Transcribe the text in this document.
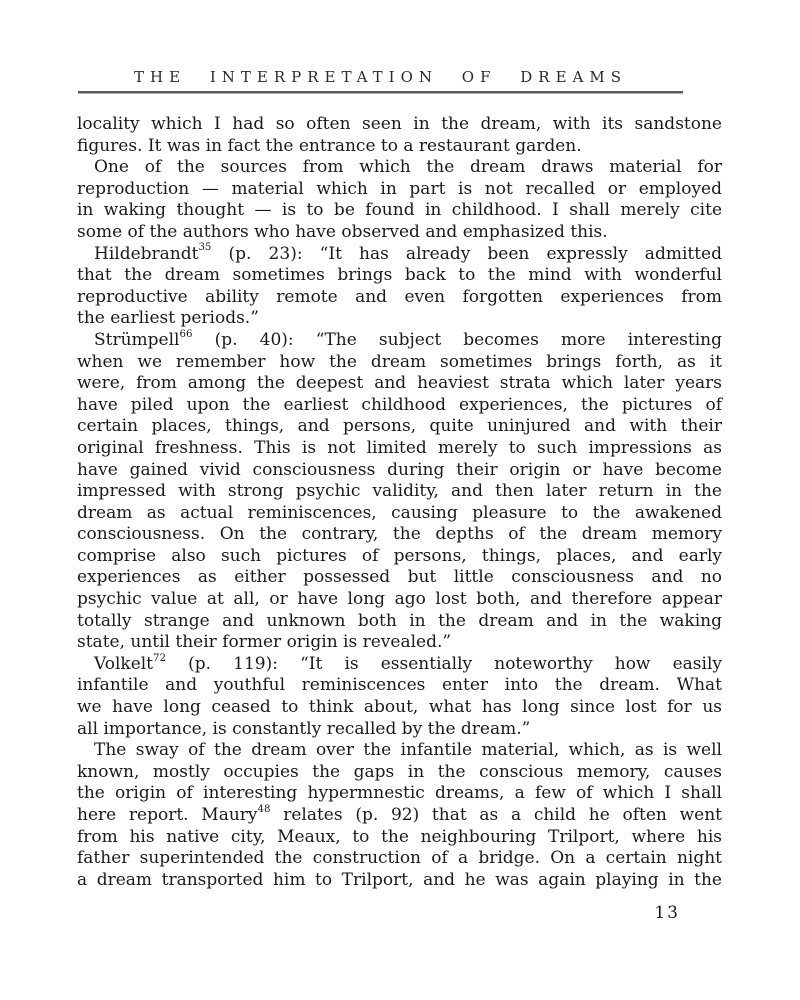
THE INTERPRETATION OF DREAMS
locality which I had so often seen in the dream, with its sandstone
figures. It was in fact the entrance to a restaurant garden.
One of the sources from which the dream draws material for
reproduction — material which in part is not recalled or employed
in waking thought — is to be found in childhood. I shall merely cite
some of the authors who have observed and emphasized this.
Hildebrandt$^{35}$ (p. 23): “It has already been expressly admitted
that the dream sometimes brings back to the mind with wonderful
reproductive ability remote and even forgotten experiences from
the earliest periods.”
Strümpell$^{66}$ (p. 40): “The subject becomes more interesting
when we remember how the dream sometimes brings forth, as it
were, from among the deepest and heaviest strata which later years
have piled upon the earliest childhood experiences, the pictures of
certain places, things, and persons, quite uninjured and with their
original freshness. This is not limited merely to such impressions as
have gained vivid consciousness during their origin or have become
impressed with strong psychic validity, and then later return in the
dream as actual reminiscences, causing pleasure to the awakened
consciousness. On the contrary, the depths of the dream memory
comprise also such pictures of persons, things, places, and early
experiences as either possessed but little consciousness and no
psychic value at all, or have long ago lost both, and therefore appear
totally strange and unknown both in the dream and in the waking
state, until their former origin is revealed.”
Volkelt$^{72}$ (p. 119): “It is essentially noteworthy how easily
infantile and youthful reminiscences enter into the dream. What
we have long ceased to think about, what has long since lost for us
all importance, is constantly recalled by the dream.”
The sway of the dream over the infantile material, which, as is well
known, mostly occupies the gaps in the conscious memory, causes
the origin of interesting hypermnestic dreams, a few of which I shall
here report. Maury$^{48}$ relates (p. 92) that as a child he often went
from his native city, Meaux, to the neighbouring Trilport, where his
father superintended the construction of a bridge. On a certain night
a dream transported him to Trilport, and he was again playing in the
13
